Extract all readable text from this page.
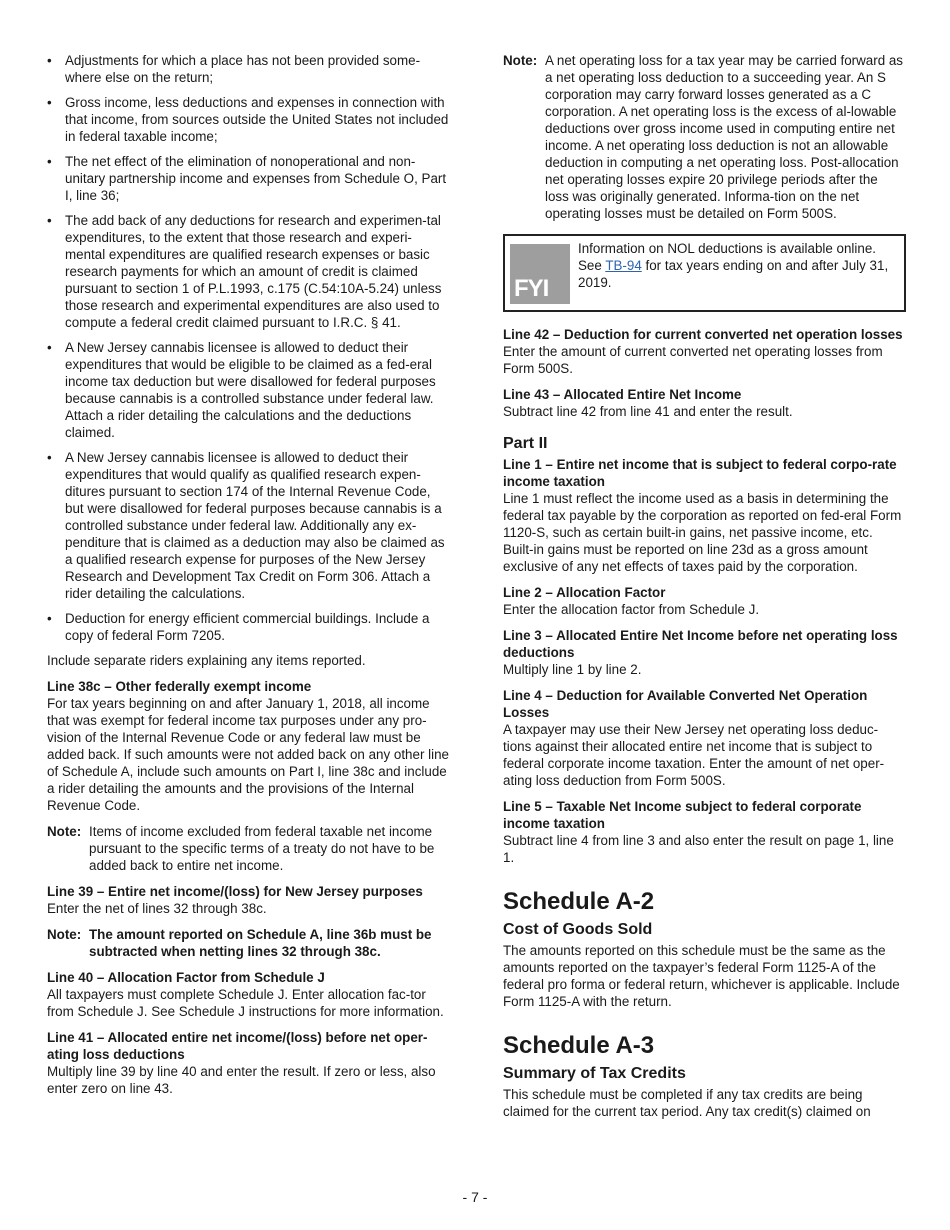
• Adjustments for which a place has not been provided some-where else on the return;
• Gross income, less deductions and expenses in connection with that income, from sources outside the United States not included in federal taxable income;
• The net effect of the elimination of nonoperational and non-unitary partnership income and expenses from Schedule O, Part I, line 36;
• The add back of any deductions for research and experimen-tal expenditures, to the extent that those research and experi-mental expenditures are qualified research expenses or basic research payments for which an amount of credit is claimed pursuant to section 1 of P.L.1993, c.175 (C.54:10A-5.24) unless those research and experimental expenditures are also used to compute a federal credit claimed pursuant to I.R.C. § 41.
• A New Jersey cannabis licensee is allowed to deduct their expenditures that would be eligible to be claimed as a fed-eral income tax deduction but were disallowed for federal purposes because cannabis is a controlled substance under federal law. Attach a rider detailing the calculations and the deductions claimed.
• A New Jersey cannabis licensee is allowed to deduct their expenditures that would qualify as qualified research expen-ditures pursuant to section 174 of the Internal Revenue Code, but were disallowed for federal purposes because cannabis is a controlled substance under federal law. Additionally any ex-penditure that is claimed as a deduction may also be claimed as a qualified research expense for purposes of the New Jersey Research and Development Tax Credit on Form 306. Attach a rider detailing the calculations.
• Deduction for energy efficient commercial buildings. Include a copy of federal Form 7205.

Include separate riders explaining any items reported.

Line 38c – Other federally exempt income

For tax years beginning on and after January 1, 2018, all income that was exempt for federal income tax purposes under any pro-vision of the Internal Revenue Code or any federal law must be added back. If such amounts were not added back on any other line of Schedule A, include such amounts on Part I, line 38c and include a rider detailing the amounts and the provisions of the Internal Revenue Code.

Note: Items of income excluded from federal taxable net income pursuant to the specific terms of a treaty do not have to be added back to entire net income.

Line 39 – Entire net income/(loss) for New Jersey purposes

Enter the net of lines 32 through 38c.

Note: The amount reported on Schedule A, line 36b must be subtracted when netting lines 32 through 38c.

Line 40 – Allocation Factor from Schedule J

All taxpayers must complete Schedule J. Enter allocation fac-tor from Schedule J. See Schedule J instructions for more information.

Line 41 – Allocated entire net income/(loss) before net oper-ating loss deductions

Multiply line 39 by line 40 and enter the result. If zero or less, also enter zero on line 43.

Note: A net operating loss for a tax year may be carried forward as a net operating loss deduction to a succeeding year. An S corporation may carry forward losses generated as a C corporation. A net operating loss is the excess of al-lowable deductions over gross income used in computing entire net income. A net operating loss deduction is not an allowable deduction in computing a net operating loss. Post-allocation net operating losses expire 20 privilege periods after the loss was originally generated. Informa-tion on the net operating losses must be detailed on Form 500S.
FYI

Information on NOL deductions is available online. See TB-94 for tax years ending on and after July 31, 2019.

Line 42 – Deduction for current converted net operation losses

Enter the amount of current converted net operating losses from Form 500S.

Line 43 – Allocated Entire Net Income

Subtract line 42 from line 41 and enter the result.

Part II

Line 1 – Entire net income that is subject to federal corpo-rate income taxation

Line 1 must reflect the income used as a basis in determining the federal tax payable by the corporation as reported on fed-eral Form 1120-S, such as certain built-in gains, net passive income, etc. Built-in gains must be reported on line 23d as a gross amount exclusive of any net effects of taxes paid by the corporation.

Line 2 – Allocation Factor

Enter the allocation factor from Schedule J.

Line 3 – Allocated Entire Net Income before net operating loss deductions

Multiply line 1 by line 2.

Line 4 – Deduction for Available Converted Net Operation Losses

A taxpayer may use their New Jersey net operating loss deduc-tions against their allocated entire net income that is subject to federal corporate income taxation. Enter the amount of net oper-ating loss deduction from Form 500S.

Line 5 – Taxable Net Income subject to federal corporate income taxation

Subtract line 4 from line 3 and also enter the result on page 1, line 1.

Schedule A-2

Cost of Goods Sold

The amounts reported on this schedule must be the same as the amounts reported on the taxpayer’s federal Form 1125-A of the federal pro forma or federal return, whichever is applicable. Include Form 1125-A with the return.

Schedule A-3

Summary of Tax Credits

This schedule must be completed if any tax credits are being claimed for the current tax period. Any tax credit(s) claimed on

- 7 -
